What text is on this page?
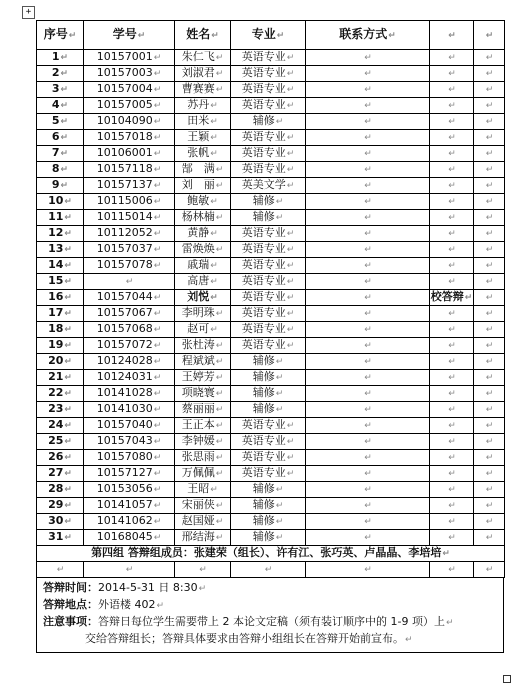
+
序号↵	学号↵	姓名↵	专业↵	联系方式↵	↵	↵
1↵	10157001↵	朱仁飞↵	英语专业↵	↵	↵	↵
2↵	10157003↵	刘淑君↵	英语专业↵	↵	↵	↵
3↵	10157004↵	曹赛赛↵	英语专业↵	↵	↵	↵
4↵	10157005↵	苏丹↵	英语专业↵	↵	↵	↵
5↵	10104090↵	田米↵	辅修↵	↵	↵	↵
6↵	10157018↵	王颖↵	英语专业↵	↵	↵	↵
7↵	10106001↵	张帆↵	英语专业↵	↵	↵	↵
8↵	10157118↵	郜　满↵	英语专业↵	↵	↵	↵
9↵	10157137↵	刘　丽↵	英美文学↵	↵	↵	↵
10↵	10115006↵	鲍敏↵	辅修↵	↵	↵	↵
11↵	10115014↵	杨林楠↵	辅修↵	↵	↵	↵
12↵	10112052↵	黄静↵	英语专业↵	↵	↵	↵
13↵	10157037↵	雷焕焕↵	英语专业↵	↵	↵	↵
14↵	10157078↵	戚瑞↵	英语专业↵	↵	↵	↵
15↵	↵	高唐↵	英语专业↵	↵	↵	↵
16↵	10157044↵	刘悦↵	英语专业↵	↵	校答辩↵	↵
17↵	10157067↵	李明珠↵	英语专业↵	↵	↵	↵
18↵	10157068↵	赵可↵	英语专业↵	↵	↵	↵
19↵	10157072↵	张杜涛↵	英语专业↵	↵	↵	↵
20↵	10124028↵	程斌斌↵	辅修↵	↵	↵	↵
21↵	10124031↵	王婷芳↵	辅修↵	↵	↵	↵
22↵	10141028↵	项晓寰↵	辅修↵	↵	↵	↵
23↵	10141030↵	蔡丽丽↵	辅修↵	↵	↵	↵
24↵	10157040↵	王正本↵	英语专业↵	↵	↵	↵
25↵	10157043↵	李钟媛↵	英语专业↵	↵	↵	↵
26↵	10157080↵	张思雨↵	英语专业↵	↵	↵	↵
27↵	10157127↵	万佩佩↵	英语专业↵	↵	↵	↵
28↵	10153056↵	王昭↵	辅修↵	↵	↵	↵
29↵	10141057↵	宋丽侠↵	辅修↵	↵	↵	↵
30↵	10141062↵	赵国娅↵	辅修↵	↵	↵	↵
31↵	10168045↵	邢结海↵	辅修↵	↵	↵	↵
第四组 答辩组成员：张建荣（组长）、许有江、张巧英、卢晶晶、李培培↵						
↵	↵	↵	↵	↵	↵	↵
答辩时间：2014-5-31 日 8:30↵
答辩地点：外语楼 402↵
注意事项：答辩日每位学生需要带上 2 本论文定稿（须有装订顺序中的 1-9 项）上↵
交给答辩组长；答辩具体要求由答辩小组组长在答辩开始前宣布。↵
